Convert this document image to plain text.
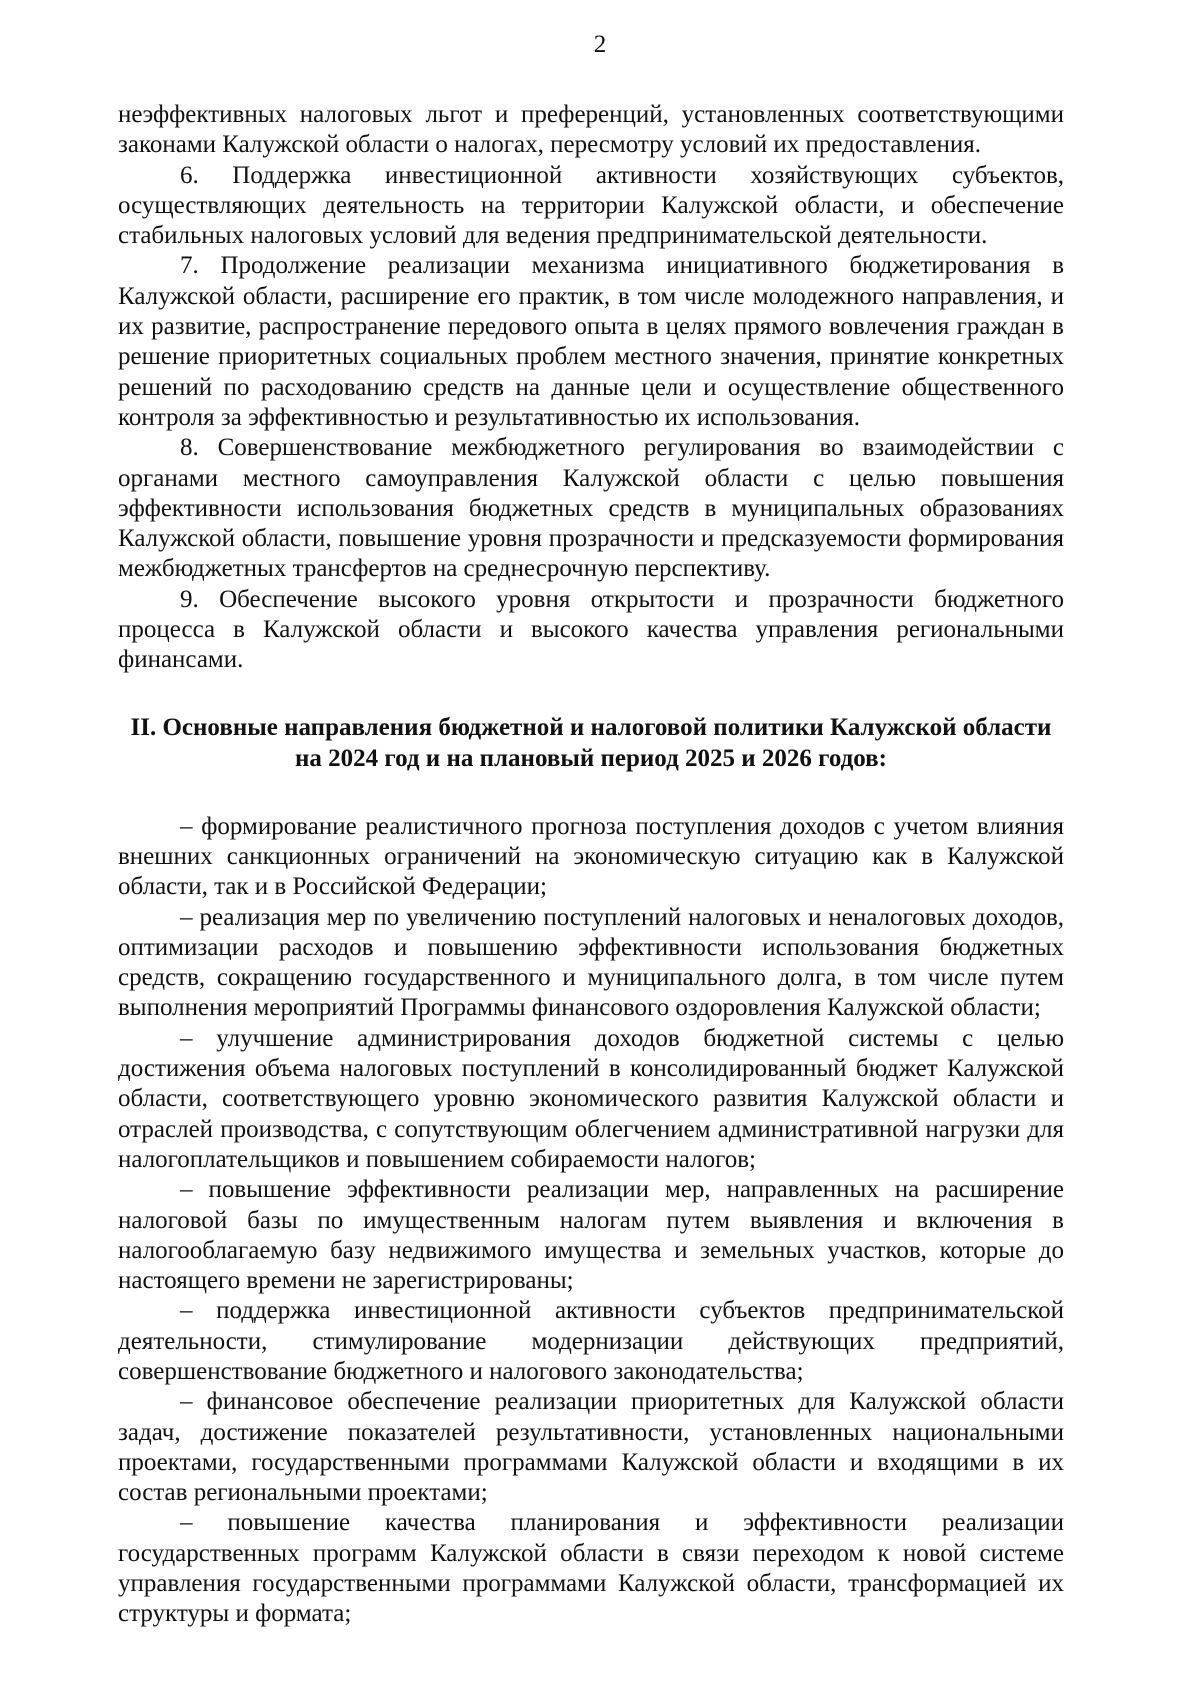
2

неэффективных налоговых льгот и преференций, установленных соответствующими законами Калужской области о налогах, пересмотру условий их предоставления.

6. Поддержка инвестиционной активности хозяйствующих субъектов, осуществляющих деятельность на территории Калужской области, и обеспечение стабильных налоговых условий для ведения предпринимательской деятельности.

7. Продолжение реализации механизма инициативного бюджетирования в Калужской области, расширение его практик, в том числе молодежного направления, и их развитие, распространение передового опыта в целях прямого вовлечения граждан в решение приоритетных социальных проблем местного значения, принятие конкретных решений по расходованию средств на данные цели и осуществление общественного контроля за эффективностью и результативностью их использования.

8. Совершенствование межбюджетного регулирования во взаимодействии с органами местного самоуправления Калужской области с целью повышения эффективности использования бюджетных средств в муниципальных образованиях Калужской области, повышение уровня прозрачности и предсказуемости формирования межбюджетных трансфертов на среднесрочную перспективу.

9. Обеспечение высокого уровня открытости и прозрачности бюджетного процесса в Калужской области и высокого качества управления региональными финансами.

II. Основные направления бюджетной и налоговой политики Калужской области
на 2024 год и на плановый период 2025 и 2026 годов:

– формирование реалистичного прогноза поступления доходов с учетом влияния внешних санкционных ограничений на экономическую ситуацию как в Калужской области, так и в Российской Федерации;

– реализация мер по увеличению поступлений налоговых и неналоговых доходов, оптимизации расходов и повышению эффективности использования бюджетных средств, сокращению государственного и муниципального долга, в том числе путем выполнения мероприятий Программы финансового оздоровления Калужской области;

– улучшение администрирования доходов бюджетной системы с целью достижения объема налоговых поступлений в консолидированный бюджет Калужской области, соответствующего уровню экономического развития Калужской области и отраслей производства, с сопутствующим облегчением административной нагрузки для налогоплательщиков и повышением собираемости налогов;

– повышение эффективности реализации мер, направленных на расширение налоговой базы по имущественным налогам путем выявления и включения в налогооблагаемую базу недвижимого имущества и земельных участков, которые до настоящего времени не зарегистрированы;

– поддержка инвестиционной активности субъектов предпринимательской деятельности, стимулирование модернизации действующих предприятий, совершенствование бюджетного и налогового законодательства;

– финансовое обеспечение реализации приоритетных для Калужской области задач, достижение показателей результативности, установленных национальными проектами, государственными программами Калужской области и входящими в их состав региональными проектами;

– повышение качества планирования и эффективности реализации государственных программ Калужской области в связи переходом к новой системе управления государственными программами Калужской области, трансформацией их структуры и формата;
